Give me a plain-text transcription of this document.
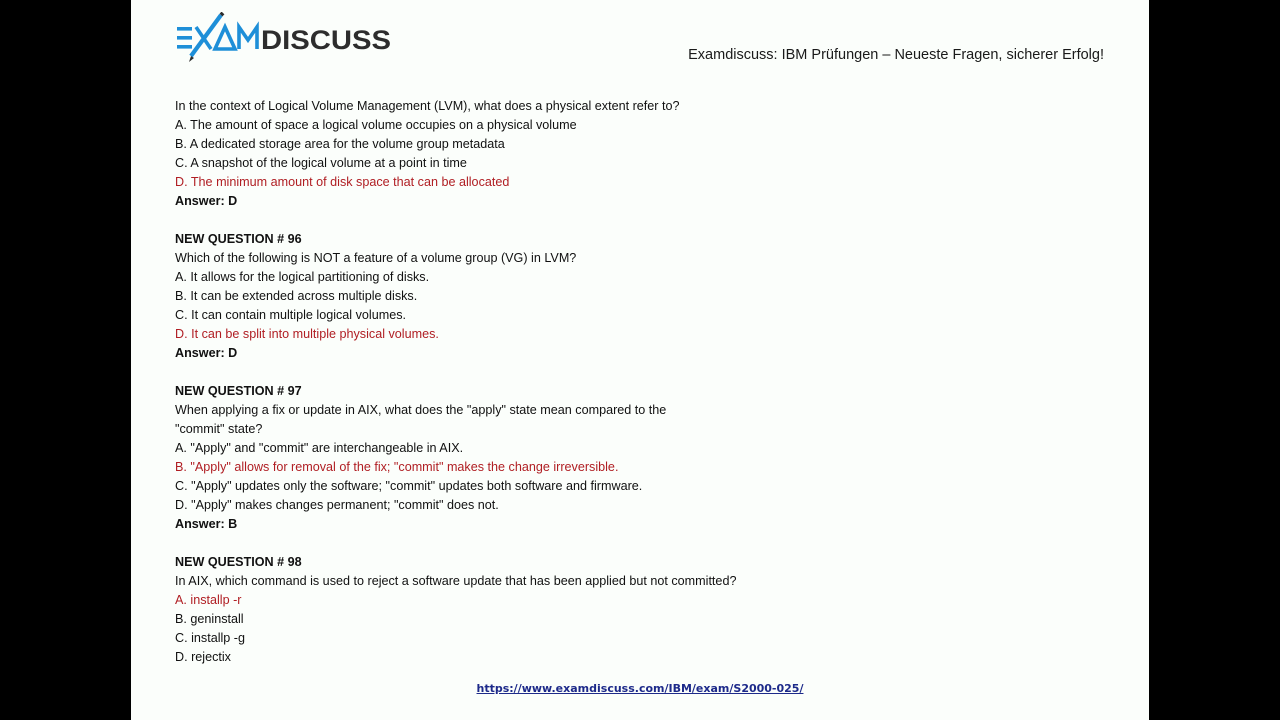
DISCUSS	Examdiscuss: IBM Prüfungen – Neueste Fragen, sicherer Erfolg!
In the context of Logical Volume Management (LVM), what does a physical extent refer to?
A. The amount of space a logical volume occupies on a physical volume
B. A dedicated storage area for the volume group metadata
C. A snapshot of the logical volume at a point in time
D. The minimum amount of disk space that can be allocated
Answer: D
NEW QUESTION # 96
Which of the following is NOT a feature of a volume group (VG) in LVM?
A. It allows for the logical partitioning of disks.
B. It can be extended across multiple disks.
C. It can contain multiple logical volumes.
D. It can be split into multiple physical volumes.
Answer: D
NEW QUESTION # 97
When applying a fix or update in AIX, what does the "apply" state mean compared to the
"commit" state?
A. "Apply" and "commit" are interchangeable in AIX.
B. "Apply" allows for removal of the fix; "commit" makes the change irreversible.
C. "Apply" updates only the software; "commit" updates both software and firmware.
D. "Apply" makes changes permanent; "commit" does not.
Answer: B
NEW QUESTION # 98
In AIX, which command is used to reject a software update that has been applied but not committed?
A. installp -r
B. geninstall
C. installp -g
D. rejectix
https://www.examdiscuss.com/IBM/exam/S2000-025/
